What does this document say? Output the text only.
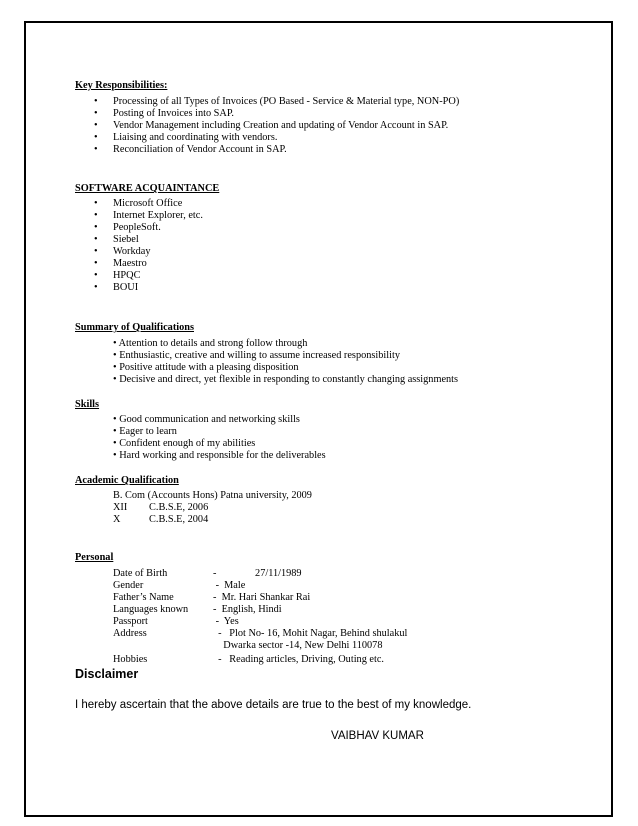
Key Responsibilities:
• Processing of all Types of Invoices (PO Based - Service & Material type, NON-PO)
• Posting of Invoices into SAP.
• Vendor Management including Creation and updating of Vendor Account in SAP.
• Liaising and coordinating with vendors.
• Reconciliation of Vendor Account in SAP.
SOFTWARE ACQUAINTANCE
• Microsoft Office
• Internet Explorer, etc.
• PeopleSoft.
• Siebel
• Workday
• Maestro
• HPQC
• BOUI
Summary of Qualifications
• Attention to details and strong follow through
• Enthusiastic, creative and willing to assume increased responsibility
• Positive attitude with a pleasing disposition
• Decisive and direct, yet flexible in responding to constantly changing assignments
Skills
• Good communication and networking skills
• Eager to learn
• Confident enough of my abilities
• Hard working and responsible for the deliverables
Academic Qualification
B. Com (Accounts Hons) Patna university, 2009
XII C.B.S.E, 2006
X	C.B.S.E, 2004
Personal
Date of Birth	-               27/11/1989
Gender	-  Male
Father’s Name	-  Mr. Hari Shankar Rai
Languages known -  English, Hindi
Passport	-  Yes
Address	-   Plot No- 16, Mohit Nagar, Behind shulakul
Dwarka sector -14, New Delhi 110078
Hobbies	-   Reading articles, Driving, Outing etc.
Disclaimer
I hereby ascertain that the above details are true to the best of my knowledge.
VAIBHAV KUMAR
